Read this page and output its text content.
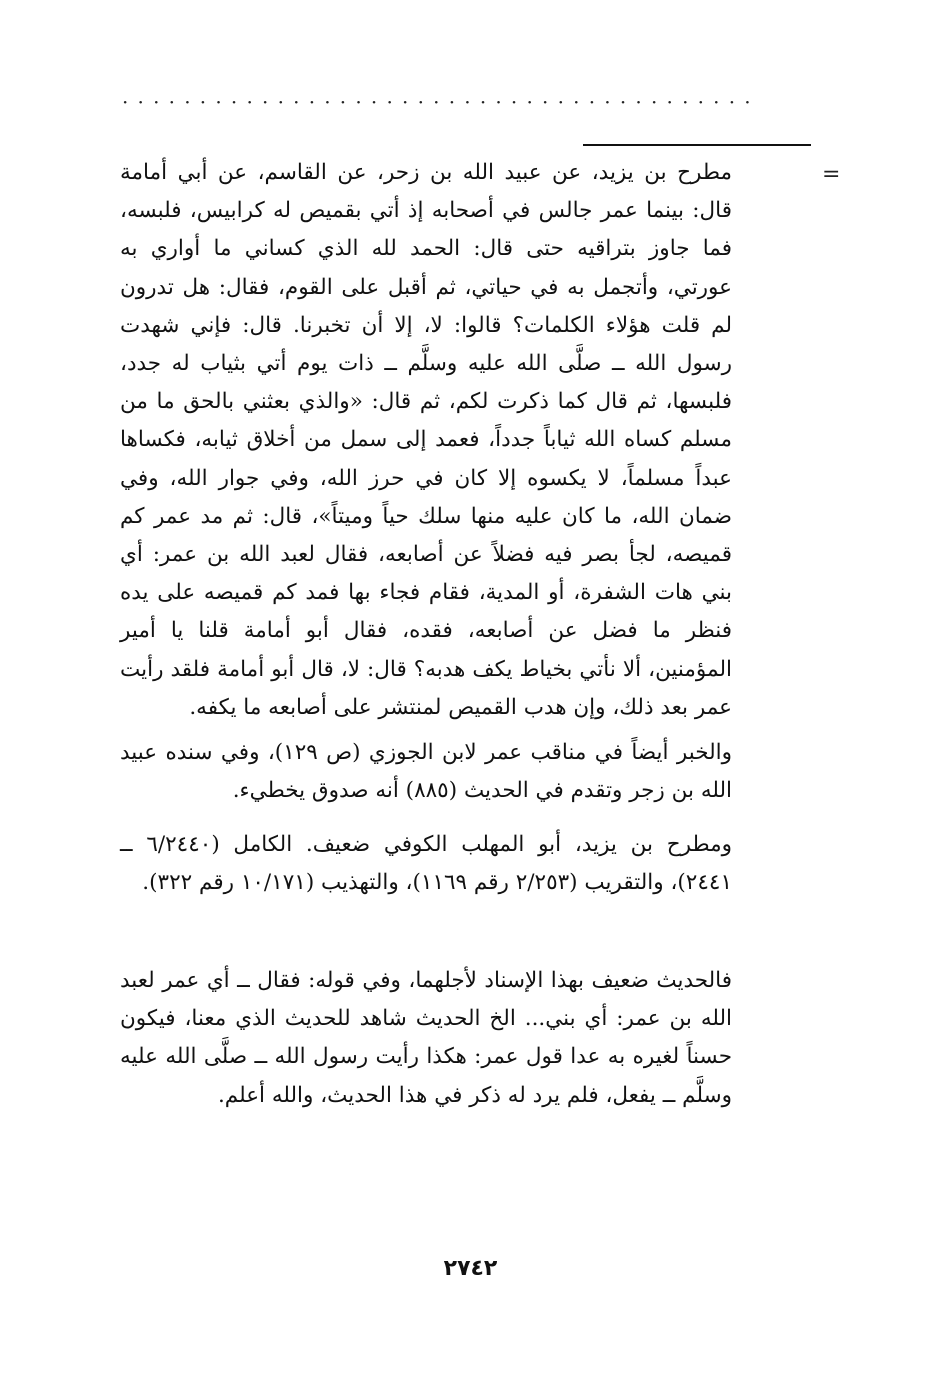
·········································
=

مطرح بن يزيد، عن عبيد الله بن زحر، عن القاسم، عن أبي أمامة قال: بينما عمر جالس في أصحابه إذ أتي بقميص له كرابيس، فلبسه، فما جاوز بتراقيه حتى قال: الحمد لله الذي كساني ما أواري به عورتي، وأتجمل به في حياتي، ثم أقبل على القوم، فقال: هل تدرون لم قلت هؤلاء الكلمات؟ قالوا: لا، إلا أن تخبرنا. قال: فإني شهدت رسول الله ــ صلَّى الله عليه وسلَّم ــ ذات يوم أتي بثياب له جدد، فلبسها، ثم قال كما ذكرت لكم، ثم قال: «والذي بعثني بالحق ما من مسلم كساه الله ثياباً جدداً، فعمد إلى سمل من أخلاق ثيابه، فكساها عبداً مسلماً، لا يكسوه إلا كان في حرز الله، وفي جوار الله، وفي ضمان الله، ما كان عليه منها سلك حياً وميتاً»، قال: ثم مد عمر كم قميصه، لجأ بصر فيه فضلاً عن أصابعه، فقال لعبد الله بن عمر: أي بني هات الشفرة، أو المدية، فقام فجاء بها فمد كم قميصه على يده فنظر ما فضل عن أصابعه، فقده، فقال أبو أمامة قلنا يا أمير المؤمنين، ألا نأتي بخياط يكف هدبه؟ قال: لا، قال أبو أمامة فلقد رأيت عمر بعد ذلك، وإن هدب القميص لمنتشر على أصابعه ما يكفه.

والخبر أيضاً في مناقب عمر لابن الجوزي (ص ١٢٩)، وفي سنده عبيد الله بن زجر وتقدم في الحديث (٨٨٥) أنه صدوق يخطيء.

ومطرح بن يزيد، أبو المهلب الكوفي ضعيف. الكامل (٦/٢٤٤٠ ــ ٢٤٤١)، والتقريب (٢/٢٥٣ رقم ١١٦٩)، والتهذيب (١٠/١٧١ رقم ٣٢٢).

فالحديث ضعيف بهذا الإسناد لأجلهما، وفي قوله: فقال ــ أي عمر لعبد الله بن عمر: أي بني... الخ الحديث شاهد للحديث الذي معنا، فيكون حسناً لغيره به عدا قول عمر: هكذا رأيت رسول الله ــ صلَّى الله عليه وسلَّم ــ يفعل، فلم يرد له ذكر في هذا الحديث، والله أعلم.

٢٧٤٢
